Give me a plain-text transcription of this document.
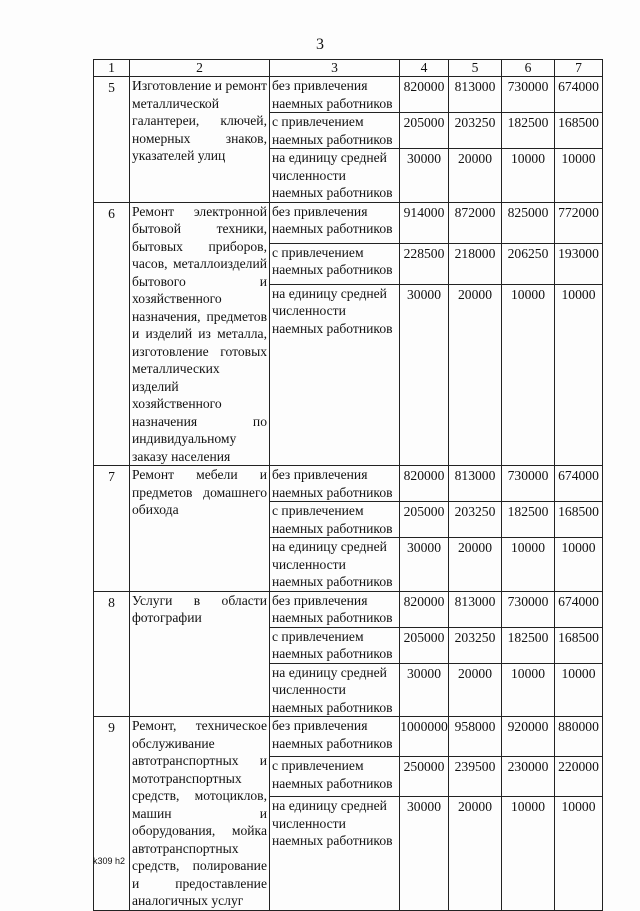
3
1	2	3	4	5	6	7
5	Изготовление и ремонт металлической галантереи, ключей, номерных знаков, указателей улиц	без привлечения наемных работников	820000	813000	730000	674000
		с привлечением наемных работников	205000	203250	182500	168500
		на единицу средней численности наемных работников	30000	20000	10000	10000
6	Ремонт электронной бытовой техники, бытовых приборов, часов, металлоизделий бытового и хозяйственного назначения, предметов и изделий из металла, изготовление готовых металлических изделий хозяйственного назначения по индивидуальному заказу населения	без привлечения наемных работников	914000	872000	825000	772000
		с привлечением наемных работников	228500	218000	206250	193000
		на единицу средней численности наемных работников	30000	20000	10000	10000
7	Ремонт мебели и предметов домашнего обихода	без привлечения наемных работников	820000	813000	730000	674000
		с привлечением наемных работников	205000	203250	182500	168500
		на единицу средней численности наемных работников	30000	20000	10000	10000
8	Услуги в области фотографии	без привлечения наемных работников	820000	813000	730000	674000
		с привлечением наемных работников	205000	203250	182500	168500
		на единицу средней численности наемных работников	30000	20000	10000	10000
9	Ремонт, техническое обслуживание автотранспортных и мототранспортных средств, мотоциклов, машин и оборудования, мойка автотранспортных средств, полирование и предоставление аналогичных услуг	без привлечения наемных работников	1000000	958000	920000	880000
		с привлечением наемных работников	250000	239500	230000	220000
		на единицу средней численности наемных работников	30000	20000	10000	10000
k309 h2
